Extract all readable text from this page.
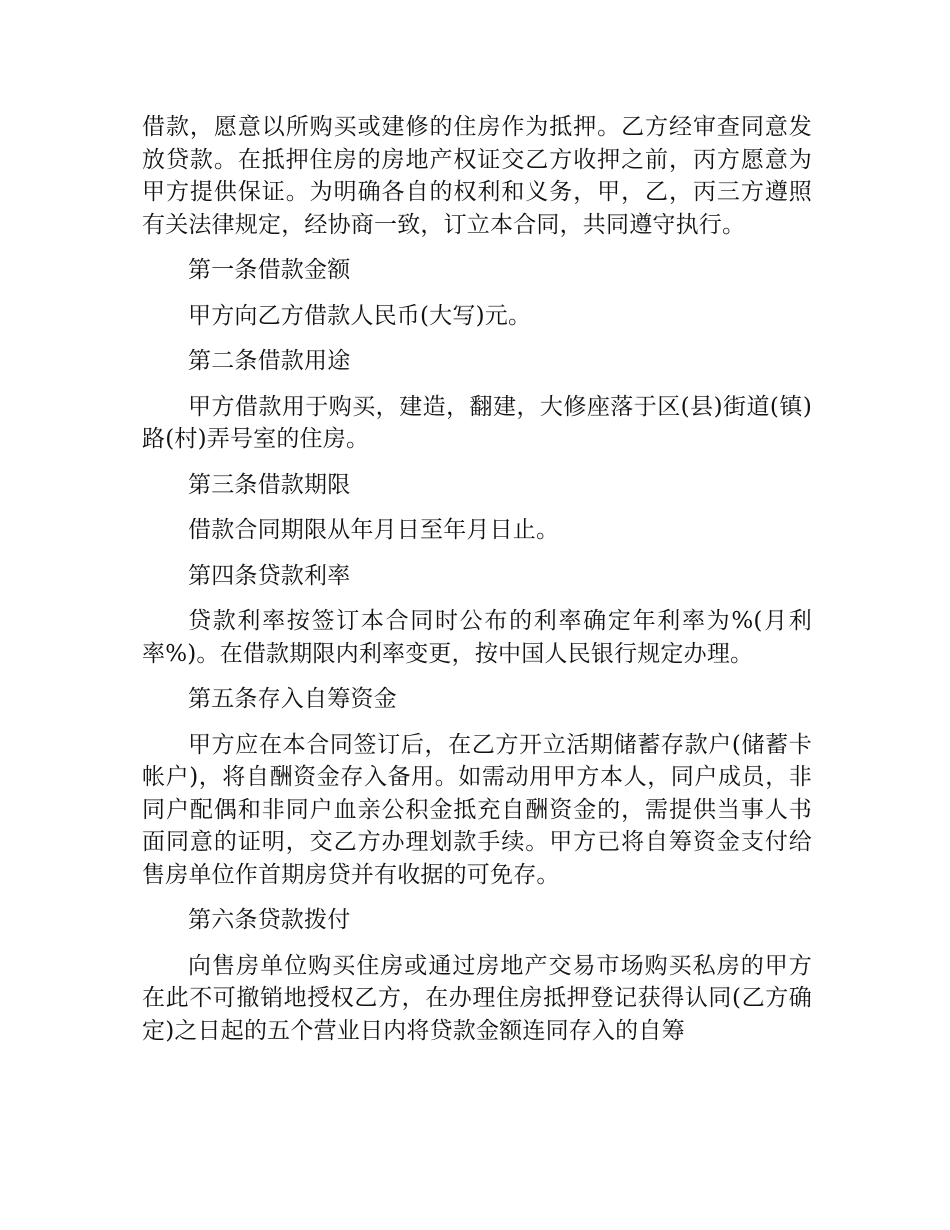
借款，愿意以所购买或建修的住房作为抵押。乙方经审查同意发放贷款。在抵押住房的房地产权证交乙方收押之前，丙方愿意为甲方提供保证。为明确各自的权利和义务，甲，乙，丙三方遵照有关法律规定，经协商一致，订立本合同，共同遵守执行。

第一条借款金额

甲方向乙方借款人民币(大写)元。

第二条借款用途

甲方借款用于购买，建造，翻建，大修座落于区(县)街道(镇)路(村)弄号室的住房。

第三条借款期限

借款合同期限从年月日至年月日止。

第四条贷款利率

贷款利率按签订本合同时公布的利率确定年利率为%(月利率%)。在借款期限内利率变更，按中国人民银行规定办理。

第五条存入自筹资金

甲方应在本合同签订后，在乙方开立活期储蓄存款户(储蓄卡帐户)，将自酬资金存入备用。如需动用甲方本人，同户成员，非同户配偶和非同户血亲公积金抵充自酬资金的，需提供当事人书面同意的证明，交乙方办理划款手续。甲方已将自筹资金支付给售房单位作首期房贷并有收据的可免存。

第六条贷款拨付

向售房单位购买住房或通过房地产交易市场购买私房的甲方在此不可撤销地授权乙方，在办理住房抵押登记获得认同(乙方确定)之日起的五个营业日内将贷款金额连同存入的自筹
